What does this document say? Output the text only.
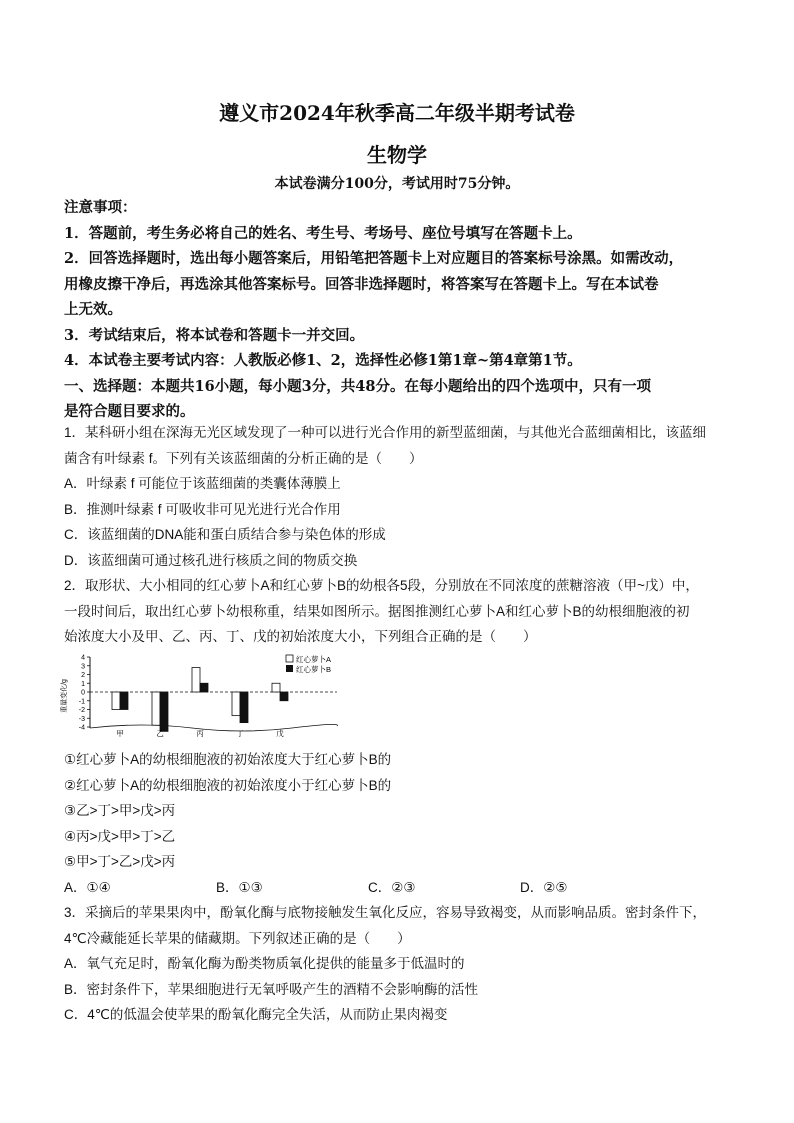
遵义市2024年秋季高二年级半期考试卷
生物学
本试卷满分100分，考试用时75分钟。

注意事项：

1．答题前，考生务必将自己的姓名、考生号、考场号、座位号填写在答题卡上。

2．回答选择题时，选出每小题答案后，用铅笔把答题卡上对应题目的答案标号涂黑。如需改动，

用橡皮擦干净后，再选涂其他答案标号。回答非选择题时，将答案写在答题卡上。写在本试卷

上无效。

3．考试结束后，将本试卷和答题卡一并交回。

4．本试卷主要考试内容：人教版必修1、2，选择性必修1第1章~第4章第1节。

一、选择题：本题共16小题，每小题3分，共48分。在每小题给出的四个选项中，只有一项

是符合题目要求的。

1．某科研小组在深海无光区域发现了一种可以进行光合作用的新型蓝细菌，与其他光合蓝细菌相比，该蓝细

菌含有叶绿素 f。下列有关该蓝细菌的分析正确的是（　　）

A．叶绿素 f 可能位于该蓝细菌的类囊体薄膜上

B．推测叶绿素 f 可吸收非可见光进行光合作用

C．该蓝细菌的DNA能和蛋白质结合参与染色体的形成

D．该蓝细菌可通过核孔进行核质之间的物质交换

2．取形状、大小相同的红心萝卜A和红心萝卜B的幼根各5段，分别放在不同浓度的蔗糖溶液（甲~戊）中，

一段时间后，取出红心萝卜幼根称重，结果如图所示。据图推测红心萝卜A和红心萝卜B的幼根细胞液的初

始浓度大小及甲、乙、丙、丁、戊的初始浓度大小，下列组合正确的是（　　）

重量变化/g
4
3
2
1
0
-1
-2
-3
-4
甲	乙	丙	丁	戊
红心萝卜A
红心萝卜B

①红心萝卜A的幼根细胞液的初始浓度大于红心萝卜B的

②红心萝卜A的幼根细胞液的初始浓度小于红心萝卜B的

③乙>丁>甲>戊>丙

④丙>戊>甲>丁>乙

⑤甲>丁>乙>戊>丙

A．①④	B．①③	C．②③	D．②⑤

3．采摘后的苹果果肉中，酚氧化酶与底物接触发生氧化反应，容易导致褐变，从而影响品质。密封条件下，

4℃冷藏能延长苹果的储藏期。下列叙述正确的是（　　）

A．氧气充足时，酚氧化酶为酚类物质氧化提供的能量多于低温时的

B．密封条件下，苹果细胞进行无氧呼吸产生的酒精不会影响酶的活性

C．4℃的低温会使苹果的酚氧化酶完全失活，从而防止果肉褐变
